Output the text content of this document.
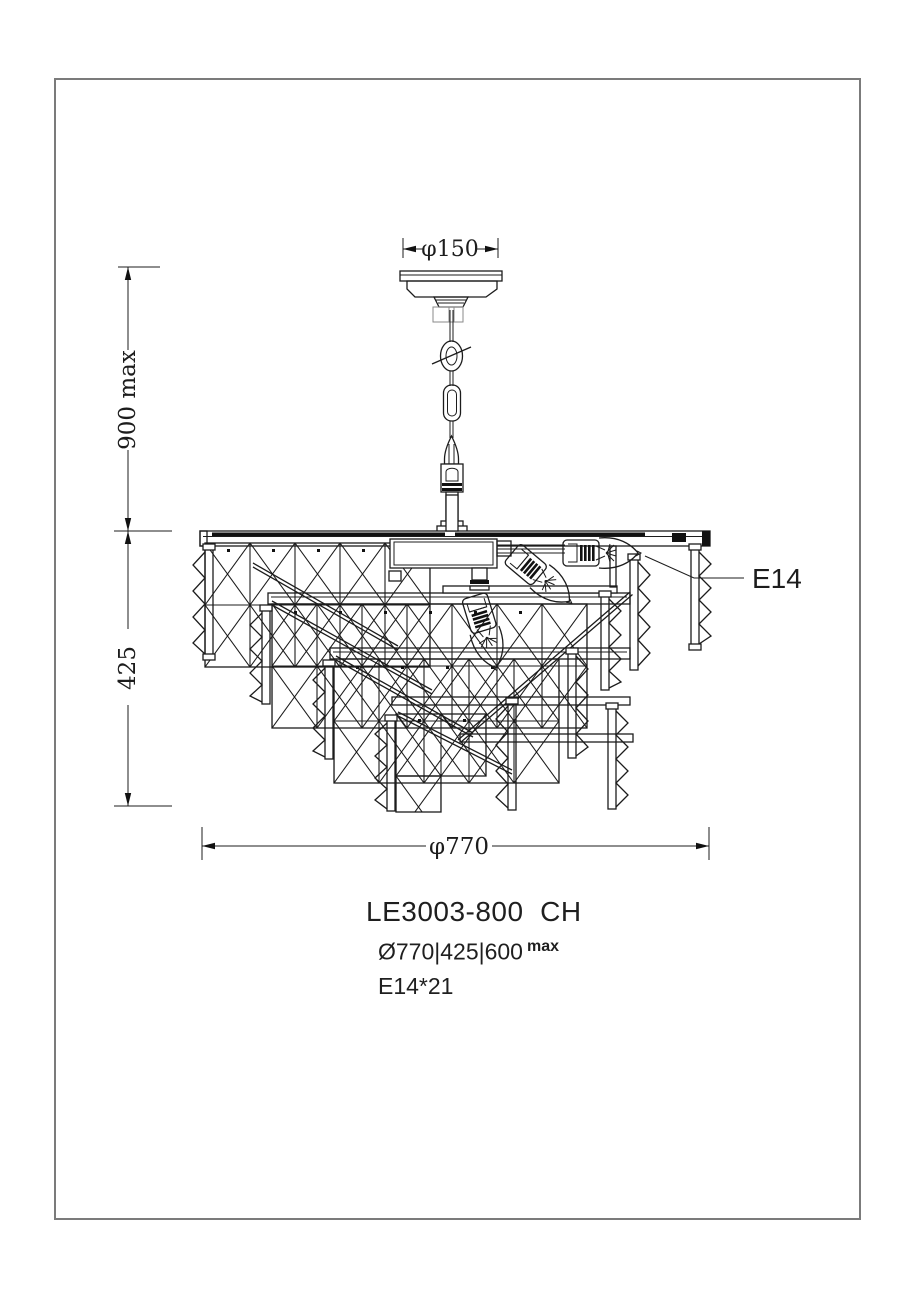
φ150
E14
900 max
425
φ770
LE3003-800  CH
Ø770|425|600 $^{max}$
E14*21
